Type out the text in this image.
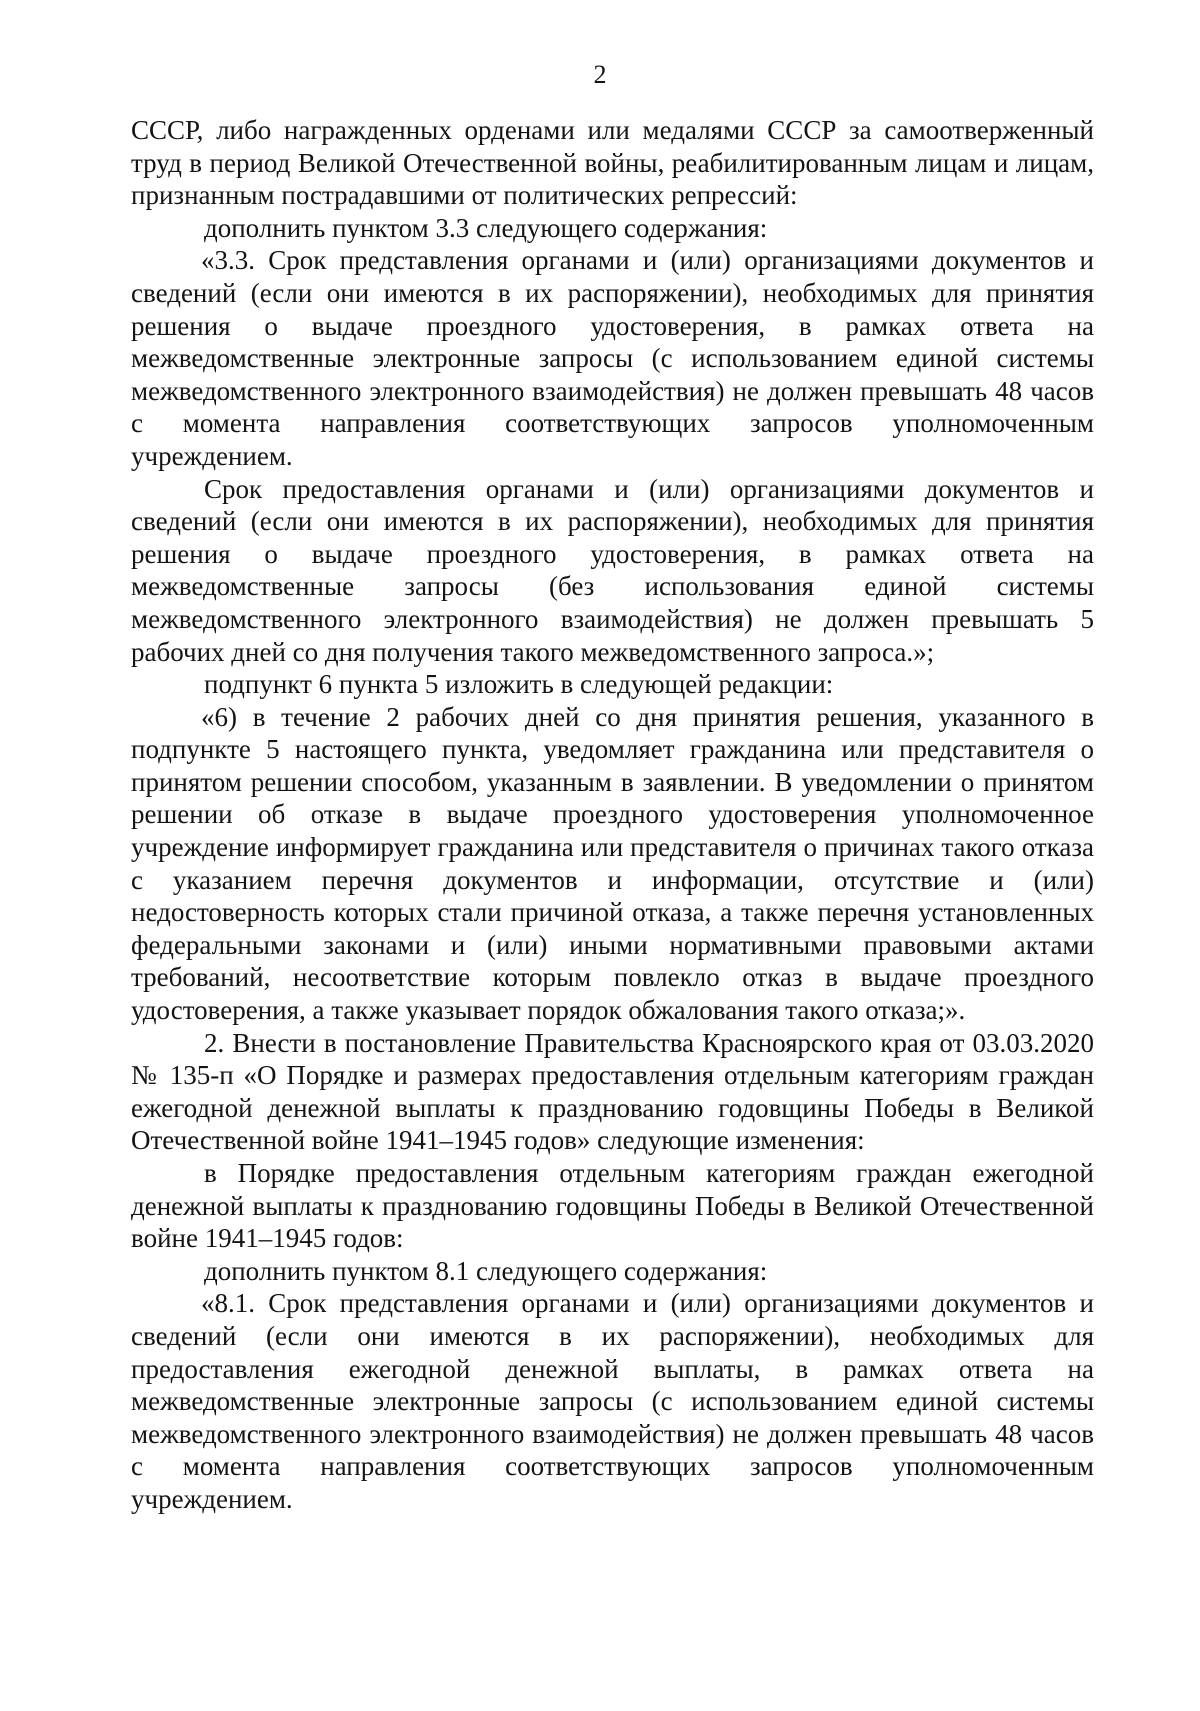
2

СССР, либо награжденных орденами или медалями СССР за самоотверженный труд в период Великой Отечественной войны, реабилитированным лицам и лицам, признанным пострадавшими от политических репрессий:

дополнить пунктом 3.3 следующего содержания:

«3.3. Срок представления органами и (или) организациями документов и сведений (если они имеются в их распоряжении), необходимых для принятия решения о выдаче проездного удостоверения, в рамках ответа на межведомственные электронные запросы (с использованием единой системы межведомственного электронного взаимодействия) не должен превышать 48 часов с момента направления соответствующих запросов уполномоченным учреждением.

Срок предоставления органами и (или) организациями документов и сведений (если они имеются в их распоряжении), необходимых для принятия решения о выдаче проездного удостоверения, в рамках ответа на межведомственные запросы (без использования единой системы межведомственного электронного взаимодействия) не должен превышать 5 рабочих дней со дня получения такого межведомственного запроса.»;

подпункт 6 пункта 5 изложить в следующей редакции:

«6) в течение 2 рабочих дней со дня принятия решения, указанного в подпункте 5 настоящего пункта, уведомляет гражданина или представителя о принятом решении способом, указанным в заявлении. В уведомлении о принятом решении об отказе в выдаче проездного удостоверения уполномоченное учреждение информирует гражданина или представителя о причинах такого отказа с указанием перечня документов и информации, отсутствие и (или) недостоверность которых стали причиной отказа, а также перечня установленных федеральными законами и (или) иными нормативными правовыми актами требований, несоответствие которым повлекло отказ в выдаче проездного удостоверения, а также указывает порядок обжалования такого отказа;».

2. Внести в постановление Правительства Красноярского края от 03.03.2020 № 135-п «О Порядке и размерах предоставления отдельным категориям граждан ежегодной денежной выплаты к празднованию годовщины Победы в Великой Отечественной войне 1941–1945 годов» следующие изменения:

в Порядке предоставления отдельным категориям граждан ежегодной денежной выплаты к празднованию годовщины Победы в Великой Отечественной войне 1941–1945 годов:

дополнить пунктом 8.1 следующего содержания:

«8.1. Срок представления органами и (или) организациями документов и сведений (если они имеются в их распоряжении), необходимых для предоставления ежегодной денежной выплаты, в рамках ответа на межведомственные электронные запросы (с использованием единой системы межведомственного электронного взаимодействия) не должен превышать 48 часов с момента направления соответствующих запросов уполномоченным учреждением.
